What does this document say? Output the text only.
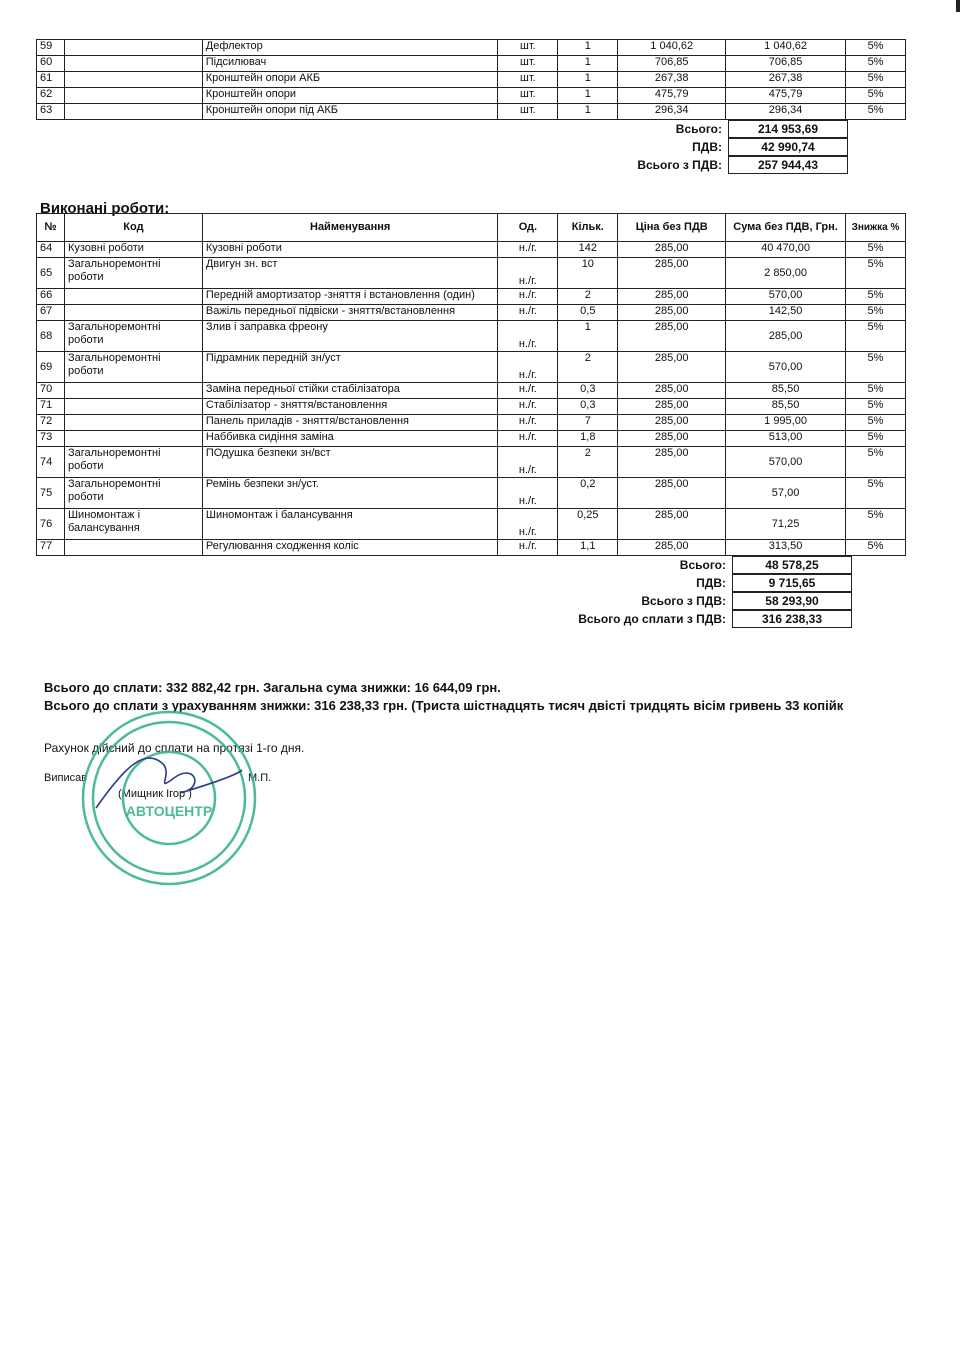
59		Дефлектор	шт.	1	1 040,62	1 040,62	5%
60		Підсилювач	шт.	1	706,85	706,85	5%
61		Кронштейн опори АКБ	шт.	1	267,38	267,38	5%
62		Кронштейн опори	шт.	1	475,79	475,79	5%
63		Кронштейн опори під АКБ	шт.	1	296,34	296,34	5%
Всього:	214 953,69
ПДВ:	42 990,74
Всього з ПДВ:	257 944,43
Виконані роботи:
№	Код	Найменування	Од.	Кільк.	Ціна без ПДВ	Сума без ПДВ, Грн.	Знижка %
64	Кузовні роботи	Кузовні роботи	н./г.	142	285,00	40 470,00	5%
65	Загальноремонтні роботи	Двигун зн. вст	н./г.	10	285,00	2 850,00	5%
66		Передній амортизатор -зняття і встановлення (один)	н./г.	2	285,00	570,00	5%
67		Важіль передньої підвіски - зняття/встановлення	н./г.	0,5	285,00	142,50	5%
68	Загальноремонтні роботи	Злив і заправка фреону	н./г.	1	285,00	285,00	5%
69	Загальноремонтні роботи	Підрамник передній зн/уст	н./г.	2	285,00	570,00	5%
70		Заміна передньої стійки стабілізатора	н./г.	0,3	285,00	85,50	5%
71		Стабілізатор - зняття/встановлення	н./г.	0,3	285,00	85,50	5%
72		Панель приладів - зняття/встановлення	н./г.	7	285,00	1 995,00	5%
73		Наббивка сидіння заміна	н./г.	1,8	285,00	513,00	5%
74	Загальноремонтні роботи	ПОдушка безпеки зн/вст	н./г.	2	285,00	570,00	5%
75	Загальноремонтні роботи	Ремінь безпеки зн/уст.	н./г.	0,2	285,00	57,00	5%
76	Шиномонтаж і балансування	Шиномонтаж і балансування	н./г.	0,25	285,00	71,25	5%
77		Регулювання сходження коліс	н./г.	1,1	285,00	313,50	5%
Всього:	48 578,25
ПДВ:	9 715,65
Всього з ПДВ:	58 293,90
Всього до сплати з ПДВ:	316 238,33
Всього до сплати: 332 882,42 грн. Загальна сума знижки: 16 644,09 грн.
Всього до сплати з урахуванням знижки: 316 238,33 грн. (Триста шістнадцять тисяч двісті тридцять вісім гривень 33 копійк
Рахунок дійсний до сплати на протязі 1-го дня.
Виписав
(Мищник Ігор )
М.П.
АВТОЦЕНТР
